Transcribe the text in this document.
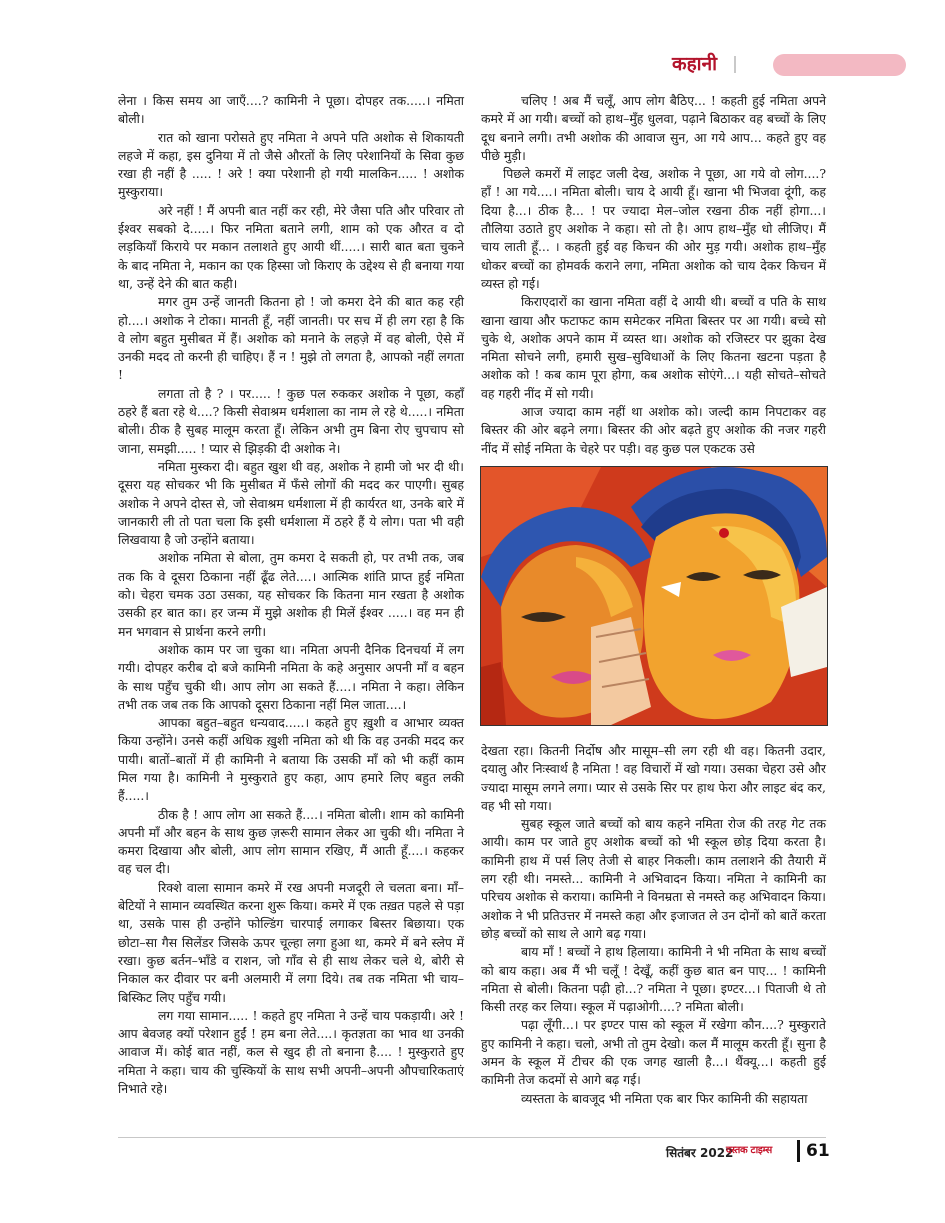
कहानी

लेना । किस समय आ जाएँ....? कामिनी ने पूछा। दोपहर तक.....। नमिता बोली।

रात को खाना परोसते हुए नमिता ने अपने पति अशोक से शिकायती लहजे में कहा, इस दुनिया में तो जैसे औरतों के लिए परेशानियों के सिवा कुछ रखा ही नहीं है ..... ! अरे ! क्या परेशानी हो गयी मालकिन..... ! अशोक मुस्कुराया।

अरे नहीं ! मैं अपनी बात नहीं कर रही, मेरे जैसा पति और परिवार तो ईश्वर सबको दे.....। फिर नमिता बताने लगी, शाम को एक औरत व दो लड़कियाँ किराये पर मकान तलाशते हुए आयी थीं.....। सारी बात बता चुकने के बाद नमिता ने, मकान का एक हिस्सा जो किराए के उद्देश्य से ही बनाया गया था, उन्हें देने की बात कही।

मगर तुम उन्हें जानती कितना हो ! जो कमरा देने की बात कह रही हो....। अशोक ने टोका। मानती हूँ, नहीं जानती। पर सच में ही लग रहा है कि वे लोग बहुत मुसीबत में हैं। अशोक को मनाने के लहज़े में वह बोली, ऐसे में उनकी मदद तो करनी ही चाहिए। हैं न ! मुझे तो लगता है, आपको नहीं लगता !

लगता तो है ? । पर..... ! कुछ पल रुककर अशोक ने पूछा, कहाँ ठहरे हैं बता रहे थे....? किसी सेवाश्रम धर्मशाला का नाम ले रहे थे.....। नमिता बोली। ठीक है सुबह मालूम करता हूँ। लेकिन अभी तुम बिना रोए चुपचाप सो जाना, समझी..... ! प्यार से झिड़की दी अशोक ने।

नमिता मुस्करा दी। बहुत खुश थी वह, अशोक ने हामी जो भर दी थी। दूसरा यह सोचकर भी कि मुसीबत में फँसे लोगों की मदद कर पाएगी। सुबह अशोक ने अपने दोस्त से, जो सेवाश्रम धर्मशाला में ही कार्यरत था, उनके बारे में जानकारी ली तो पता चला कि इसी धर्मशाला में ठहरे हैं ये लोग। पता भी वही लिखवाया है जो उन्होंने बताया।

अशोक नमिता से बोला, तुम कमरा दे सकती हो, पर तभी तक, जब तक कि वे दूसरा ठिकाना नहीं ढूँढ लेते....। आत्मिक शांति प्राप्त हुई नमिता को। चेहरा चमक उठा उसका, यह सोचकर कि कितना मान रखता है अशोक उसकी हर बात का। हर जन्म में मुझे अशोक ही मिलें ईश्वर .....। वह मन ही मन भगवान से प्रार्थना करने लगी।

अशोक काम पर जा चुका था। नमिता अपनी दैनिक दिनचर्या में लग गयी। दोपहर करीब दो बजे कामिनी नमिता के कहे अनुसार अपनी माँ व बहन के साथ पहुँच चुकी थी। आप लोग आ सकते हैं....। नमिता ने कहा। लेकिन तभी तक जब तक कि आपको दूसरा ठिकाना नहीं मिल जाता....।

आपका बहुत–बहुत धन्यवाद.....। कहते हुए ख़ुशी व आभार व्यक्त किया उन्होंने। उनसे कहीं अधिक ख़ुशी नमिता को थी कि वह उनकी मदद कर पायी। बातों–बातों में ही कामिनी ने बताया कि उसकी माँ को भी कहीं काम मिल गया है। कामिनी ने मुस्कुराते हुए कहा, आप हमारे लिए बहुत लकी हैं.....।

ठीक है ! आप लोग आ सकते हैं....। नमिता बोली। शाम को कामिनी अपनी माँ और बहन के साथ कुछ ज़रूरी सामान लेकर आ चुकी थी। नमिता ने कमरा दिखाया और बोली, आप लोग सामान रखिए, मैं आती हूँ....। कहकर वह चल दी।

रिक्शे वाला सामान कमरे में रख अपनी मजदूरी ले चलता बना। माँ–बेटियों ने सामान व्यवस्थित करना शुरू किया। कमरे में एक तख़त पहले से पड़ा था, उसके पास ही उन्होंने फोल्डिंग चारपाई लगाकर बिस्तर बिछाया। एक छोटा–सा गैस सिलेंडर जिसके ऊपर चूल्हा लगा हुआ था, कमरे में बने स्लेप में रखा। कुछ बर्तन–भाँडे व राशन, जो गाँव से ही साथ लेकर चले थे, बोरी से निकाल कर दीवार पर बनी अलमारी में लगा दिये। तब तक नमिता भी चाय–बिस्किट लिए पहुँच गयी।

लग गया सामान..... ! कहते हुए नमिता ने उन्हें चाय पकड़ायी। अरे ! आप बेवजह क्यों परेशान हुईं ! हम बना लेते....। कृतज्ञता का भाव था उनकी आवाज में। कोई बात नहीं, कल से खुद ही तो बनाना है.... ! मुस्कुराते हुए नमिता ने कहा। चाय की चुस्कियों के साथ सभी अपनी–अपनी औपचारिकताएं निभाते रहे।

चलिए ! अब मैं चलूँ, आप लोग बैठिए... ! कहती हुई नमिता अपने कमरे में आ गयी। बच्चों को हाथ–मुँह धुलवा, पढ़ाने बिठाकर वह बच्चों के लिए दूध बनाने लगी। तभी अशोक की आवाज सुन, आ गये आप... कहते हुए वह पीछे मुड़ी।

पिछले कमरों में लाइट जली देख, अशोक ने पूछा, आ गये वो लोग....? हाँ ! आ गये....। नमिता बोली। चाय दे आयी हूँ। खाना भी भिजवा दूंगी, कह दिया है...। ठीक है... ! पर ज्यादा मेल–जोल रखना ठीक नहीं होगा...। तौलिया उठाते हुए अशोक ने कहा। सो तो है। आप हाथ–मुँह धो लीजिए। मैं चाय लाती हूँ... । कहती हुई वह किचन की ओर मुड़ गयी। अशोक हाथ–मुँह धोकर बच्चों का होमवर्क कराने लगा, नमिता अशोक को चाय देकर किचन में व्यस्त हो गई।

किराएदारों का खाना नमिता वहीं दे आयी थी। बच्चों व पति के साथ खाना खाया और फटाफट काम समेटकर नमिता बिस्तर पर आ गयी। बच्चे सो चुके थे, अशोक अपने काम में व्यस्त था। अशोक को रजिस्टर पर झुका देख नमिता सोचने लगी, हमारी सुख–सुविधाओं के लिए कितना खटना पड़ता है अशोक को ! कब काम पूरा होगा, कब अशोक सोएंगे...। यही सोचते–सोचते वह गहरी नींद में सो गयी।

आज ज्यादा काम नहीं था अशोक को। जल्दी काम निपटाकर वह बिस्तर की ओर बढ़ने लगा। बिस्तर की ओर बढ़ते हुए अशोक की नजर गहरी नींद में सोई नमिता के चेहरे पर पड़ी। वह कुछ पल एकटक उसे

देखता रहा। कितनी निर्दोष और मासूम–सी लग रही थी वह। कितनी उदार, दयालु और निःस्वार्थ है नमिता ! वह विचारों में खो गया। उसका चेहरा उसे और ज्यादा मासूम लगने लगा। प्यार से उसके सिर पर हाथ फेरा और लाइट बंद कर, वह भी सो गया।

सुबह स्कूल जाते बच्चों को बाय कहने नमिता रोज की तरह गेट तक आयी। काम पर जाते हुए अशोक बच्चों को भी स्कूल छोड़ दिया करता है। कामिनी हाथ में पर्स लिए तेजी से बाहर निकली। काम तलाशने की तैयारी में लग रही थी। नमस्ते... कामिनी ने अभिवादन किया। नमिता ने कामिनी का परिचय अशोक से कराया। कामिनी ने विनम्रता से नमस्ते कह अभिवादन किया। अशोक ने भी प्रतिउत्तर में नमस्ते कहा और इजाजत ले उन दोनों को बातें करता छोड़ बच्चों को साथ ले आगे बढ़ गया।

बाय माँ ! बच्चों ने हाथ हिलाया। कामिनी ने भी नमिता के साथ बच्चों को बाय कहा। अब मैं भी चलूँ ! देखूँ, कहीं कुछ बात बन पाए... ! कामिनी नमिता से बोली। कितना पढ़ी हो...? नमिता ने पूछा। इण्टर...। पिताजी थे तो किसी तरह कर लिया। स्कूल में पढ़ाओगी....? नमिता बोली।

पढ़ा लूँगी...। पर इण्टर पास को स्कूल में रखेगा कौन....? मुस्कुराते हुए कामिनी ने कहा। चलो, अभी तो तुम देखो। कल मैं मालूम करती हूँ। सुना है अमन के स्कूल में टीचर की एक जगह खाली है...। थैंक्यू...। कहती हुई कामिनी तेज कदमों से आगे बढ़ गई।

व्यस्तता के बावजूद भी नमिता एक बार फिर कामिनी की सहायता

सितंबर 2022
दस्तक टाइम्स 61
